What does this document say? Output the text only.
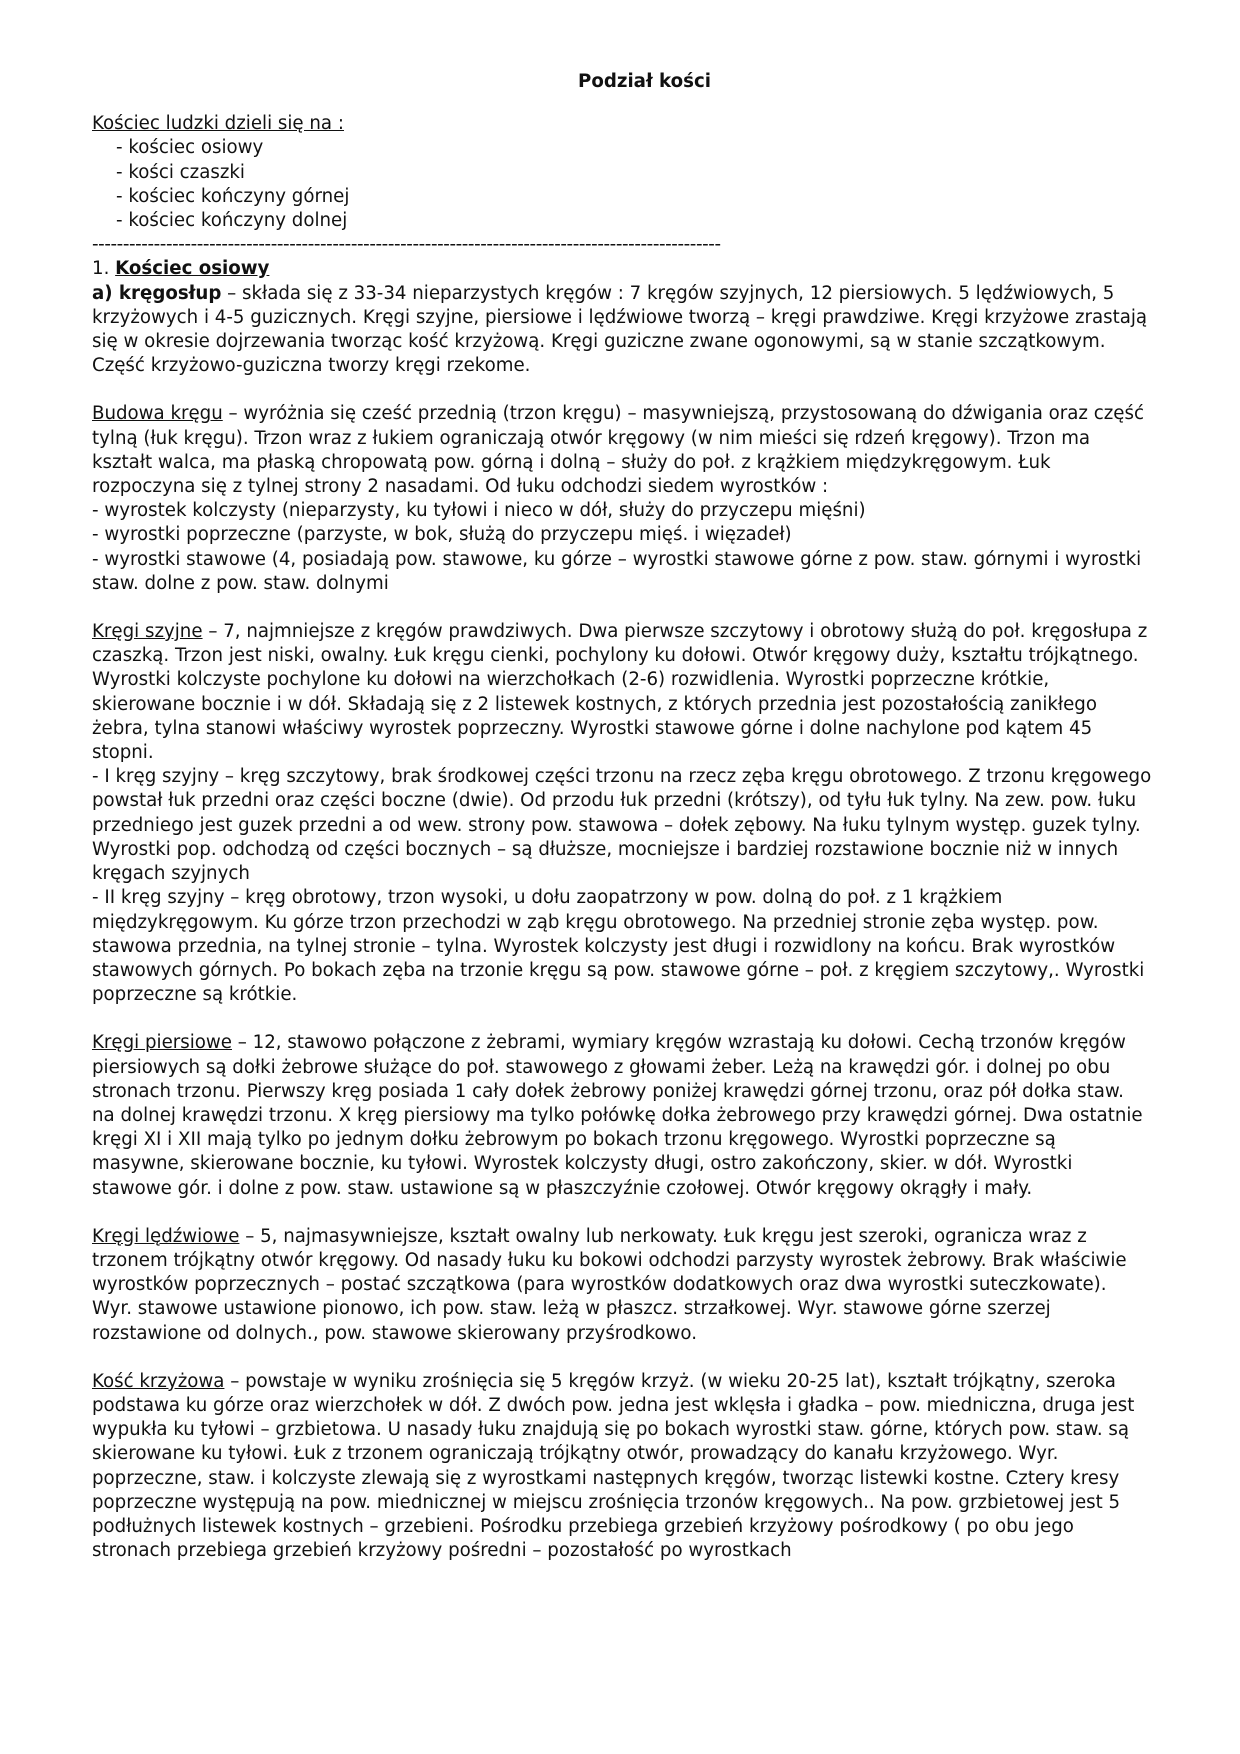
Podział kości

Kościec ludzki dzieli się na :

- kościec osiowy
- kości czaszki
- kościec kończyny górnej
- kościec kończyny dolnej
------------------------------------------------------------------------------------------------------

1. Kościec osiowy

a) kręgosłup – składa się z 33-34 nieparzystych kręgów : 7 kręgów szyjnych, 12 piersiowych. 5 lędźwiowych, 5 krzyżowych i 4-5 guzicznych. Kręgi szyjne, piersiowe i lędźwiowe tworzą – kręgi prawdziwe. Kręgi krzyżowe zrastają się w okresie dojrzewania tworząc kość krzyżową. Kręgi guziczne zwane ogonowymi, są w stanie szczątkowym. Część krzyżowo-guziczna tworzy kręgi rzekome.

Budowa kręgu – wyróżnia się cześć przednią (trzon kręgu) – masywniejszą, przystosowaną do dźwigania oraz część tylną (łuk kręgu). Trzon wraz z łukiem ograniczają otwór kręgowy (w nim mieści się rdzeń kręgowy). Trzon ma kształt walca, ma płaską chropowatą pow. górną i dolną – służy do poł. z krążkiem międzykręgowym. Łuk rozpoczyna się z tylnej strony 2 nasadami. Od łuku odchodzi siedem wyrostków :

- wyrostek kolczysty (nieparzysty, ku tyłowi i nieco w dół, służy do przyczepu mięśni)

- wyrostki poprzeczne (parzyste, w bok, służą do przyczepu mięś. i więzadeł)

- wyrostki stawowe (4, posiadają pow. stawowe, ku górze – wyrostki stawowe górne z pow. staw. górnymi i wyrostki staw. dolne z pow. staw. dolnymi

Kręgi szyjne – 7, najmniejsze z kręgów prawdziwych. Dwa pierwsze szczytowy i obrotowy służą do poł. kręgosłupa z czaszką. Trzon jest niski, owalny. Łuk kręgu cienki, pochylony ku dołowi. Otwór kręgowy duży, kształtu trójkątnego. Wyrostki kolczyste pochylone ku dołowi na wierzchołkach (2-6) rozwidlenia. Wyrostki poprzeczne krótkie, skierowane bocznie i w dół. Składają się z 2 listewek kostnych, z których przednia jest pozostałością zanikłego żebra, tylna stanowi właściwy wyrostek poprzeczny. Wyrostki stawowe górne i dolne nachylone pod kątem 45 stopni.

- I kręg szyjny – kręg szczytowy, brak środkowej części trzonu na rzecz zęba kręgu obrotowego. Z trzonu kręgowego powstał łuk przedni oraz części boczne (dwie). Od przodu łuk przedni (krótszy), od tyłu łuk tylny. Na zew. pow. łuku przedniego jest guzek przedni a od wew. strony pow. stawowa – dołek zębowy. Na łuku tylnym występ. guzek tylny. Wyrostki pop. odchodzą od części bocznych – są dłuższe, mocniejsze i bardziej rozstawione bocznie niż w innych kręgach szyjnych

- II kręg szyjny – kręg obrotowy, trzon wysoki, u dołu zaopatrzony w pow. dolną do poł. z 1 krążkiem międzykręgowym. Ku górze trzon przechodzi w ząb kręgu obrotowego. Na przedniej stronie zęba występ. pow. stawowa przednia, na tylnej stronie – tylna. Wyrostek kolczysty jest długi i rozwidlony na końcu. Brak wyrostków stawowych górnych. Po bokach zęba na trzonie kręgu są pow. stawowe górne – poł. z kręgiem szczytowy,. Wyrostki poprzeczne są krótkie.

Kręgi piersiowe – 12, stawowo połączone z żebrami, wymiary kręgów wzrastają ku dołowi. Cechą trzonów kręgów piersiowych są dołki żebrowe służące do poł. stawowego z głowami żeber. Leżą na krawędzi gór. i dolnej po obu stronach trzonu. Pierwszy kręg posiada 1 cały dołek żebrowy poniżej krawędzi górnej trzonu, oraz pół dołka staw. na dolnej krawędzi trzonu. X kręg piersiowy ma tylko połówkę dołka żebrowego przy krawędzi górnej. Dwa ostatnie kręgi XI i XII mają tylko po jednym dołku żebrowym po bokach trzonu kręgowego. Wyrostki poprzeczne są masywne, skierowane bocznie, ku tyłowi. Wyrostek kolczysty długi, ostro zakończony, skier. w dół. Wyrostki stawowe gór. i dolne z pow. staw. ustawione są w płaszczyźnie czołowej. Otwór kręgowy okrągły i mały.

Kręgi lędźwiowe – 5, najmasywniejsze, kształt owalny lub nerkowaty. Łuk kręgu jest szeroki, ogranicza wraz z trzonem trójkątny otwór kręgowy. Od nasady łuku ku bokowi odchodzi parzysty wyrostek żebrowy. Brak właściwie wyrostków poprzecznych – postać szczątkowa (para wyrostków dodatkowych oraz dwa wyrostki suteczkowate). Wyr. stawowe ustawione pionowo, ich pow. staw. leżą w płaszcz. strzałkowej. Wyr. stawowe górne szerzej rozstawione od dolnych., pow. stawowe skierowany przyśrodkowo.

Kość krzyżowa – powstaje w wyniku zrośnięcia się 5 kręgów krzyż. (w wieku 20-25 lat), kształt trójkątny, szeroka podstawa ku górze oraz wierzchołek w dół. Z dwóch pow. jedna jest wklęsła i gładka – pow. miedniczna, druga jest wypukła ku tyłowi – grzbietowa. U nasady łuku znajdują się po bokach wyrostki staw. górne, których pow. staw. są skierowane ku tyłowi. Łuk z trzonem ograniczają trójkątny otwór, prowadzący do kanału krzyżowego. Wyr. poprzeczne, staw. i kolczyste zlewają się z wyrostkami następnych kręgów, tworząc listewki kostne. Cztery kresy poprzeczne występują na pow. miednicznej w miejscu zrośnięcia trzonów kręgowych.. Na pow. grzbietowej jest 5 podłużnych listewek kostnych – grzebieni. Pośrodku przebiega grzebień krzyżowy pośrodkowy ( po obu jego stronach przebiega grzebień krzyżowy pośredni – pozostałość po wyrostkach
